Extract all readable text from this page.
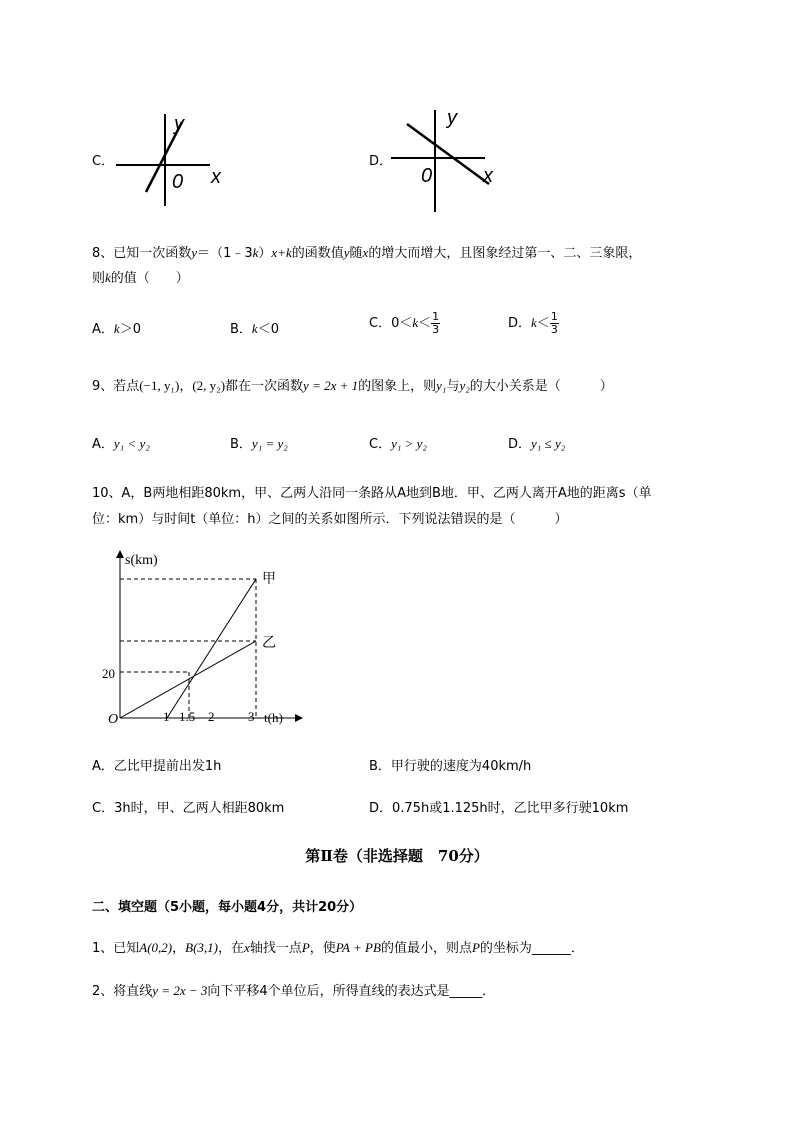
C．
y
x
0
D．
y
x
0
8、已知一次函数y＝（1﹣3k）x+k的函数值y随x的增大而增大，且图象经过第一、二、三象限，
则k的值（　　）
A．k＞0	B．k＜0	C．$0<k< \frac{1}{3}$	D．$k< \frac{1}{3}$
9、若点(−1, y₁)，(2, y₂)都在一次函数y = 2x + 1的图象上，则y₁与y₂的大小关系是（　　　）
A．y₁ < y₂	B．y₁ = y₂	C．y₁ > y₂	D．y₁ ≤ y₂
10、A，B两地相距80km，甲、乙两人沿同一条路从A地到B地．甲、乙两人离开A地的距离s（单
位：km）与时间t（单位：h）之间的关系如图所示．下列说法错误的是（　　　）
s(km)
甲
乙
20
O	1 1.5 2	3 t(h)
A．乙比甲提前出发1h	B．甲行驶的速度为40km/h
C．3h时，甲、乙两人相距80km	D．0.75h或1.125h时，乙比甲多行驶10km
第Ⅱ卷（非选择题　70分）
二、填空题（5小题，每小题4分，共计20分）
1、已知A(0,2)，B(3,1)，在x轴找一点P，使PA + PB的值最小，则点P的坐标为______．
2、将直线y = 2x − 3向下平移4个单位后，所得直线的表达式是_____．
